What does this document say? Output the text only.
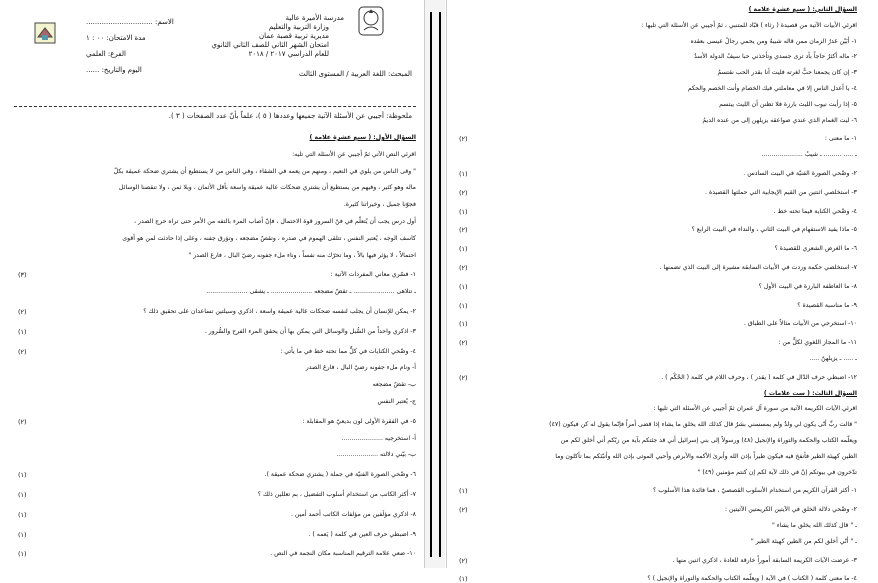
مدرسة الأميرة عالية
وزارة التربية والتعليم
مديرية تربية قصبة عمان
امتحان الشهر الثاني للصف الثاني الثانوي
للعام الدراسي ٢٠١٧ / ٢٠١٨
الاسم: ..............................
مدة الامتحان: ٠٠ : ١
الفرع: العلمي
اليوم والتاريخ: ......	المبحث: اللغة العربية / المستوى الثالث
ملحوظة: أجيبي عن الأسئلة الآتية جميعها وعددها ( ٥ )، علماً بأنّ عدد الصفحات ( ٣ ).
السؤال الأول: ( سبع عشرة علامة )
اقرئي النص الآتي ثمّ أجيبي عن الأسئلة التي تليه:
" وقى الناس من يلوي في النعيم ، ومنهم من يعمه في الشقاء ، وفي الناس من لا يستطيع أن يشتري ضحكة عميقة بكلّ
ماله وهو كثير ، وفيهم من يستطيع أن يشتري ضحكات عالية عميقة واسعة بأقل الأثمان ، وبلا ثمن ، ولا تنقصنا الوسائل
فجوّنا جميل ، وخيراتنا كثيرة.
أول درس يجب أن يُتعلّم في فنّ السرور قوة الاحتمال ، فإنّ أصاب المرء بالتفه من الأمر حتى تراه حرج الصدر ،
كاسف الوجه ، يُعتبر النفس ، تتلقى الهموم في صدره ، وتقصّ مضجعه ، وتؤرق جفنه ، وعلى إذا حادثت لمن هو أقوى
احتمالاً ، لا يؤثر فيها بالاً ، وما تحرّك منه نفساً ، وناء ملء جفونه رضيّ البال ، فارغ الصدر "
١- فسّري معاني المفردات الآتية :
(٣)
ـ تتلاهى ..................... ـ تقضّ مضجعه ..................... ـ يشقى .....................
٢- يمكن للإنسان أن يجلب لنفسه ضحكات عالية عميقة واسعة ، اذكري وسيلتين تساعدان على تحقيق ذلك ؟
(٢)
٣- اذكري واحداً من السُّبل والوسائل التي يمكن بها أن يحقق المرء الفرح والسُّرور .
(١)
٤- وضّحي الكنايات في كلٍّ مما تحته خط في ما يأتي :
(٢)
أ- ونام ملء جفونه رضيّ البال ، فارغ الصدر
ب- تقضّ مضجعه
ج- يُعتبر النفس
٥- في الفقرة الأولى لون بديعيّ هو المقابلة :
(٢)
أ- استخرجيه .....................
ب- بيّني دلالته .....................
٦- وضّحي الصورة الفنيّة في جملة ( يشتري ضحكة عميقة ).
(١)
٧- أكثر الكاتب من استخدام أسلوب التفضيل ، بم تعللين ذلك ؟
(١)
٨- اذكري مؤلَفين من مؤلفات الكاتب أحمد أمين .
(١)
٩- اضبطي حرف العين في كلمة ( يَعمه ) .
(١)
١٠- ضعي علامة الترقيم المناسبة مكان النجمة في النص .
(١)
السؤال الثاني: ( سبع عشرة علامة )
اقرئي الأبيات الآتية من قصيدة ( رثاء ) قبّاد للمتنبي ، ثمّ أجيبي عن الأسئلة التي تليها :
١- أبَيْن غدرُ الزمان ممن قاله شبيهٌ ومن يحمي رجالُ عيسى بعقده
٢- ماله أكثرُ حاجاً بأد ترى جسدي وتأخذني حبا سيفُ الدولة الأسدُ
٣- إن كان يجمعنا حبٌّ لغرته فليت أنا بقدر الحب نقتسمُ
٤- يا أعدل الناس إلا في معاملتي فيك الخصام وأنت الخصم والحكم
٥- إذا رأيت نيوب الليث بارزة فلا تظنن أن الليث يبتسم
٦- ليت الغمام الذي عندي صواعقه يزيلهن إلى من عنده الديمُ
١- ما معنى :
(٢)
ـ ..... ......... ـ شيبُ .....................
٢- وضّحي الصورة الفنيّة في البيت السادس .
(١)
٣- استخلصي اثنتين من القيم الإيجابية التي حملتها القصيدة .
(٢)
٤- وضّحي الكناية فيما تحته خط .
(١)
٥- ماذا يفيد الاستفهام في البيت الثاني ، والنداء في البيت الرابع ؟
(٢)
٦- ما الغرض الشعري للقصيدة ؟
(١)
٧- استخلصي حكمة وردت في الأبيات السابقة مشيرة إلى البيت الذي تضمنها .
(٢)
٨- ما العاطفة البارزة في البيت الأول ؟
(١)
٩- ما مناسبة القصيدة ؟
(١)
١٠- استخرجي من الأبيات مثالاً على الطباق .
(١)
١١- ما المجاز اللغوي لكلٍّ من :
(٢)
ـ ..... ـ يزيلهنّ .....
١٢- اضبطي حرف الدّال في كلمة ( يقدر ) ، وحرف اللام في كلمة ( الحُكْم ) .
(٢)
السؤال الثالث: ( ست علامات )
اقرئي الآيات الكريمة الآتية من سورة آل عمران ثمّ أجيبي عن الأسئلة التي تليها :
" قالت ربِّ أنّى يكون لي ولدٌ ولم يمسسني بشرٌ قال كذلك الله يخلق ما يشاء إذا قضى أمراً فإنّما يقول له كن فيكون (٤٧)
ويعلّمه الكتاب والحكمة والتوراة والإنجيل (٤٨) ورسولاً إلى بني إسرائيل أني قد جئتكم بآية من ربّكم أني أخلق لكم من
الطين كهيئة الطير فأنفخ فيه فيكون طيراً بإذن الله وأبرئ الأكمه والأبرص وأحيي الموتى بإذن الله وأنبّئكم بما تأكلون وما
تدّخرون في بيوتكم إنّ في ذلك لآية لكم إن كنتم مؤمنين (٤٩) "
١- أكثر القرآن الكريم من استخدام الأسلوب القصصيّ ، فما فائدة هذا الأسلوب ؟
(١)
٢- وضّحي دلالة الخلق في الآيتين الكريمتين الآتيتين :
(٢)
ـ " قال كذلك الله يخلق ما يشاء "
ـ " أنّي أخلق لكم من الطين كهيئة الطير "
٣- عرضت الآيات الكريمة السابقة أموراً خارقة للعادة ، اذكري اثنين منها .
(٢)
٤- ما معنى كلمة ( الكتاب ) في الآية ( ويعلّمه الكتاب والحكمة والتوراة والإنجيل ) ؟
(١)
